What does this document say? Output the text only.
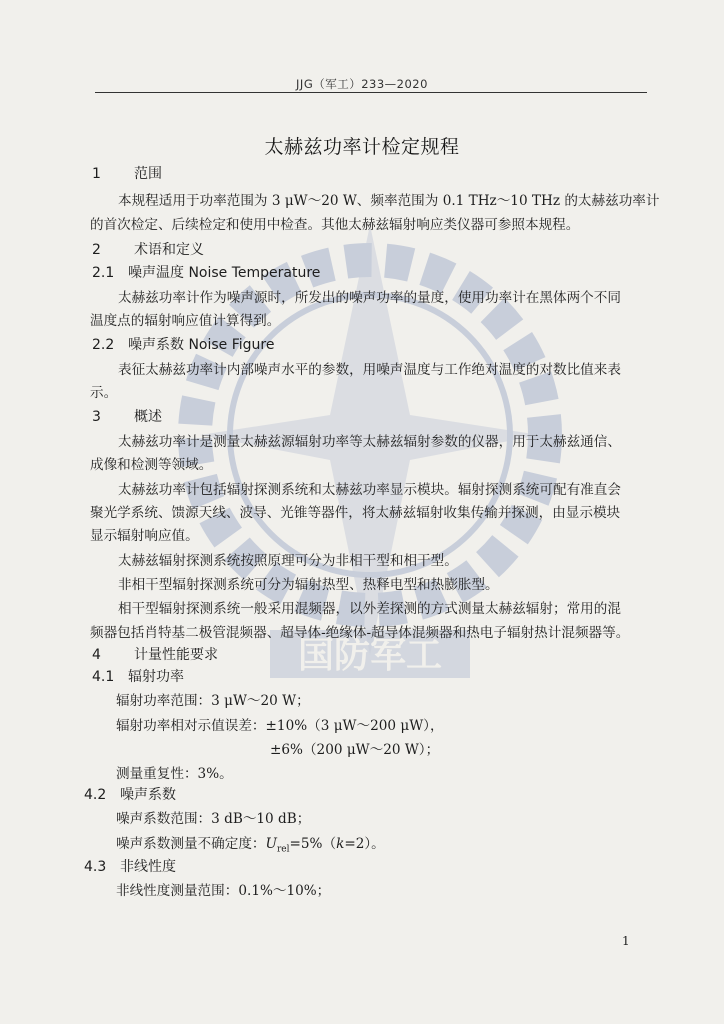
国防军工
JJG（军工）233—2020
太赫兹功率计检定规程
1 范围
本规程适用于功率范围为 3 μW～20 W、频率范围为 0.1 THz～10 THz 的太赫兹功率计
的首次检定、后续检定和使用中检查。其他太赫兹辐射响应类仪器可参照本规程。
2 术语和定义
2.1 噪声温度 Noise Temperature
太赫兹功率计作为噪声源时，所发出的噪声功率的量度，使用功率计在黑体两个不同
温度点的辐射响应值计算得到。
2.2 噪声系数 Noise Figure
表征太赫兹功率计内部噪声水平的参数，用噪声温度与工作绝对温度的对数比值来表
示。
3 概述
太赫兹功率计是测量太赫兹源辐射功率等太赫兹辐射参数的仪器，用于太赫兹通信、
成像和检测等领域。
太赫兹功率计包括辐射探测系统和太赫兹功率显示模块。辐射探测系统可配有准直会
聚光学系统、馈源天线、波导、光锥等器件，将太赫兹辐射收集传输并探测，由显示模块
显示辐射响应值。
太赫兹辐射探测系统按照原理可分为非相干型和相干型。
非相干型辐射探测系统可分为辐射热型、热释电型和热膨胀型。
相干型辐射探测系统一般采用混频器，以外差探测的方式测量太赫兹辐射；常用的混
频器包括肖特基二极管混频器、超导体-绝缘体-超导体混频器和热电子辐射热计混频器等。
4 计量性能要求
4.1 辐射功率
辐射功率范围：3 μW～20 W；
辐射功率相对示值误差：±10%（3 μW～200 μW），
±6%（200 μW～20 W）；
测量重复性：3%。
4.2 噪声系数
噪声系数范围：3 dB～10 dB；
噪声系数测量不确定度：$U_{rel}=5\%(k=2)$。
4.3 非线性度
非线性度测量范围：0.1%～10%；
1
